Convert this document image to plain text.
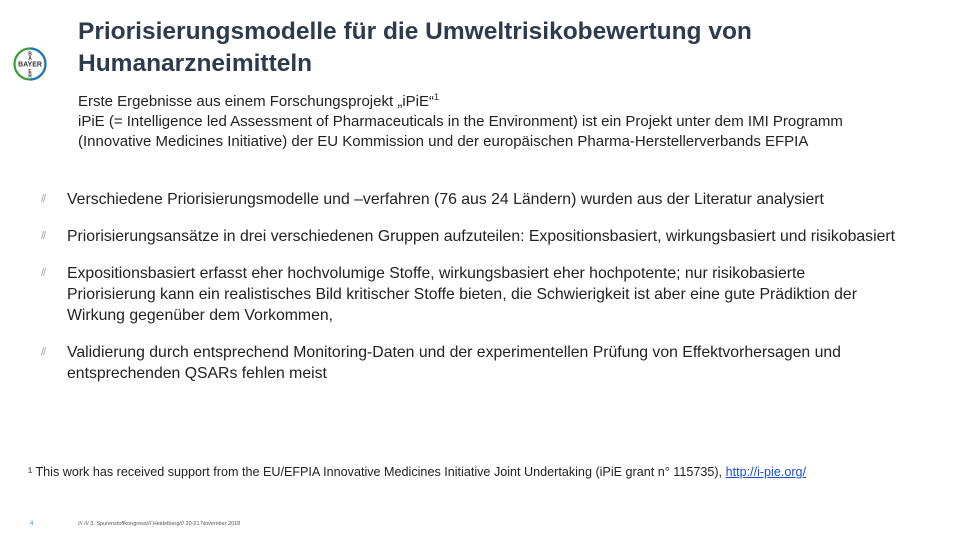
BAYER
B
A
E
R
Priorisierungsmodelle für die Umweltrisikobewertung von Humanarzneimitteln
Erste Ergebnisse aus einem Forschungsprojekt „iPiE“$^1$
iPiE (= Intelligence led Assessment of Pharmaceuticals in the Environment) ist ein Projekt unter dem IMI Programm (Innovative Medicines Initiative) der EU Kommission und der europäischen Pharma-Herstellerverbands EFPIA
//	Verschiedene Priorisierungsmodelle und –verfahren (76 aus 24 Ländern) wurden aus der Literatur analysiert
//	Priorisierungsansätze in drei verschiedenen Gruppen aufzuteilen: Expositionsbasiert, wirkungsbasiert und risikobasiert
//	Expositionsbasiert erfasst eher hochvolumige Stoffe, wirkungsbasiert eher hochpotente; nur risikobasierte Priorisierung kann ein realistisches Bild kritischer Stoffe bieten, die Schwierigkeit ist aber eine gute Prädiktion der Wirkung gegenüber dem Vorkommen,
//	Validierung durch entsprechend Monitoring-Daten und der experimentellen Prüfung von Effektvorhersagen und entsprechenden QSARs fehlen meist
¹ This work has received support from the EU/EFPIA Innovative Medicines Initiative Joint Undertaking (iPiE grant n° 115735), http://i-pie.org/
4	/// /// 3. Spurenstoffkongress/// Heidelberg/// 20-21 November 2018
